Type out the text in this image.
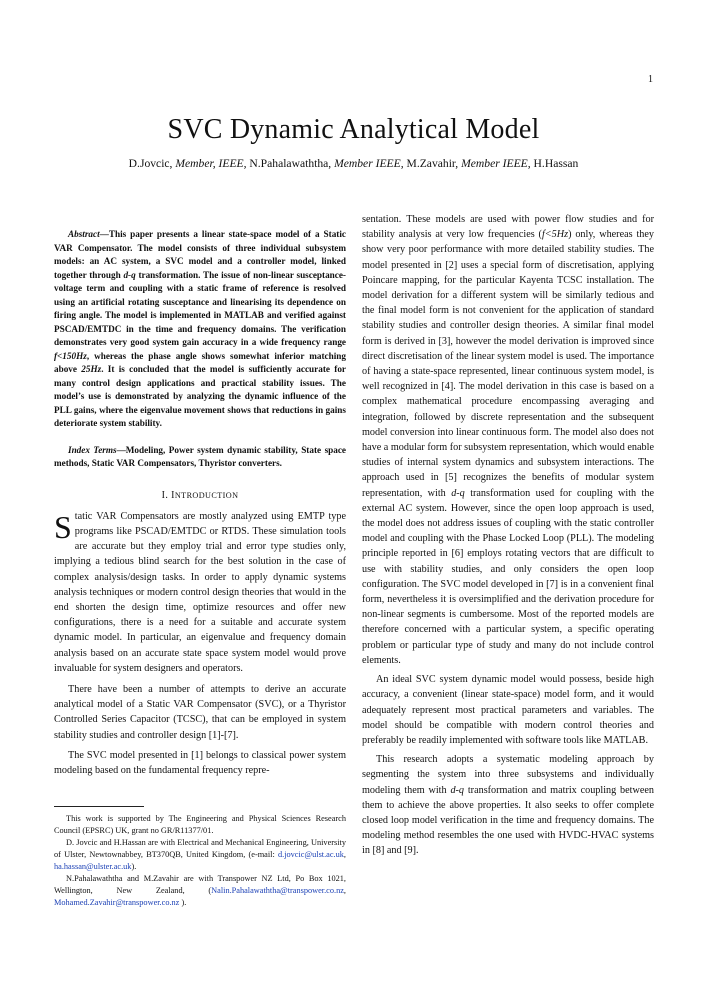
1
SVC Dynamic Analytical Model
D.Jovcic, Member, IEEE, N.Pahalawaththa, Member IEEE, M.Zavahir, Member IEEE, H.Hassan

Abstract—This paper presents a linear state-space model of a Static VAR Compensator. The model consists of three individual subsystem models: an AC system, a SVC model and a controller model, linked together through d-q transformation. The issue of non-linear susceptance-voltage term and coupling with a static frame of reference is resolved using an artificial rotating susceptance and linearising its dependence on firing angle. The model is implemented in MATLAB and verified against PSCAD/EMTDC in the time and frequency domains. The verification demonstrates very good system gain accuracy in a wide frequency range f<150Hz, whereas the phase angle shows somewhat inferior matching above 25Hz. It is concluded that the model is sufficiently accurate for many control design applications and practical stability issues. The model’s use is demonstrated by analyzing the dynamic influence of the PLL gains, where the eigenvalue movement shows that reductions in gains deteriorate system stability.

Index Terms—Modeling, Power system dynamic stability, State space methods, Static VAR Compensators, Thyristor converters.

I. INTRODUCTION

Static VAR Compensators are mostly analyzed using EMTP type programs like PSCAD/EMTDC or RTDS. These simulation tools are accurate but they employ trial and error type studies only, implying a tedious blind search for the best solution in the case of complex analysis/design tasks. In order to apply dynamic systems analysis techniques or modern control design theories that would in the end shorten the design time, optimize resources and offer new configurations, there is a need for a suitable and accurate system dynamic model. In particular, an eigenvalue and frequency domain analysis based on an accurate state space system model would prove invaluable for system designers and operators.

There have been a number of attempts to derive an accurate analytical model of a Static VAR Compensator (SVC), or a Thyristor Controlled Series Capacitor (TCSC), that can be employed in system stability studies and controller design [1]-[7].

The SVC model presented in [1] belongs to classical power system modeling based on the fundamental frequency repre-

This work is supported by The Engineering and Physical Sciences Research Council (EPSRC) UK, grant no GR/R11377/01.

D. Jovcic and H.Hassan are with Electrical and Mechanical Engineering, University of Ulster, Newtownabbey, BT370QB, United Kingdom, (e-mail: d.jovcic@ulst.ac.uk, ha.hassan@ulster.ac.uk).

N.Pahalawaththa and M.Zavahir are with Transpower NZ Ltd, Po Box 1021, Wellington, New Zealand, (Nalin.Pahalawaththa@transpower.co.nz, Mohamed.Zavahir@transpower.co.nz ).

sentation. These models are used with power flow studies and for stability analysis at very low frequencies (f<5Hz) only, whereas they show very poor performance with more detailed stability studies. The model presented in [2] uses a special form of discretisation, applying Poincare mapping, for the particular Kayenta TCSC installation. The model derivation for a different system will be similarly tedious and the final model form is not convenient for the application of standard stability studies and controller design theories. A similar final model form is derived in [3], however the model derivation is improved since direct discretisation of the linear system model is used. The importance of having a state-space represented, linear continuous system model, is well recognized in [4]. The model derivation in this case is based on a complex mathematical procedure encompassing averaging and integration, followed by discrete representation and the subsequent model conversion into linear continuous form. The model also does not have a modular form for subsystem representation, which would enable studies of internal system dynamics and subsystem interactions. The approach used in [5] recognizes the benefits of modular system representation, with d-q transformation used for coupling with the external AC system. However, since the open loop approach is used, the model does not address issues of coupling with the static controller model and coupling with the Phase Locked Loop (PLL). The modeling principle reported in [6] employs rotating vectors that are difficult to use with stability studies, and only considers the open loop configuration. The SVC model developed in [7] is in a convenient final form, nevertheless it is oversimplified and the derivation procedure for non-linear segments is cumbersome. Most of the reported models are therefore concerned with a particular system, a specific operating problem or particular type of study and many do not include control elements.

An ideal SVC system dynamic model would possess, beside high accuracy, a convenient (linear state-space) model form, and it would adequately represent most practical parameters and variables. The model should be compatible with modern control theories and preferably be readily implemented with software tools like MATLAB.

This research adopts a systematic modeling approach by segmenting the system into three subsystems and individually modeling them with d-q transformation and matrix coupling between them to achieve the above properties. It also seeks to offer complete closed loop model verification in the time and frequency domains. The modeling method resembles the one used with HVDC-HVAC systems in [8] and [9].
